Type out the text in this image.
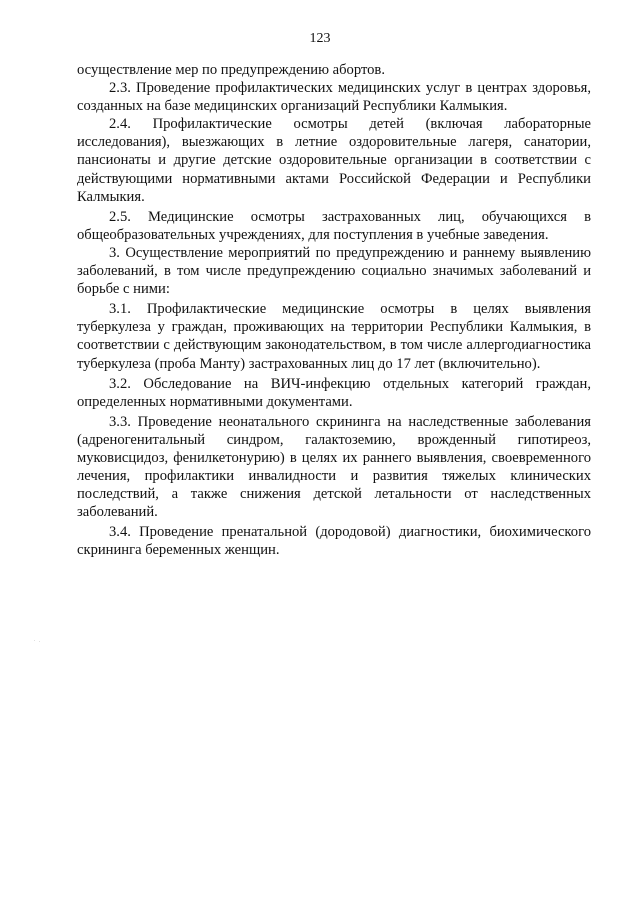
123

осуществление мер по предупреждению абортов.

2.3. Проведение профилактических медицинских услуг в центрах здоровья, созданных на базе медицинских организаций Республики Калмыкия.

2.4. Профилактические осмотры детей (включая лабораторные исследования), выезжающих в летние оздоровительные лагеря, санатории, пансионаты и другие детские оздоровительные организации в соответствии с действующими нормативными актами Российской Федерации и Республики Калмыкия.

2.5. Медицинские осмотры застрахованных лиц, обучающихся в общеобразовательных учреждениях, для поступления в учебные заведения.

3. Осуществление мероприятий по предупреждению и раннему выявлению заболеваний, в том числе предупреждению социально значимых заболеваний и борьбе с ними:

3.1. Профилактические медицинские осмотры в целях выявления туберкулеза у граждан, проживающих на территории Республики Калмыкия, в соответствии с действующим законодательством, в том числе аллергодиагностика туберкулеза (проба Манту) застрахованных лиц до 17 лет (включительно).

3.2. Обследование на ВИЧ-инфекцию отдельных категорий граждан, определенных нормативными документами.

3.3. Проведение неонатального скрининга на наследственные заболевания (адреногенитальный синдром, галактоземию, врожденный гипотиреоз, муковисцидоз, фенилкетонурию) в целях их раннего выявления, своевременного лечения, профилактики инвалидности и развития тяжелых клинических последствий, а также снижения детской летальности от наследственных заболеваний.

3.4. Проведение пренатальной (дородовой) диагностики, биохимического скрининга беременных женщин.
